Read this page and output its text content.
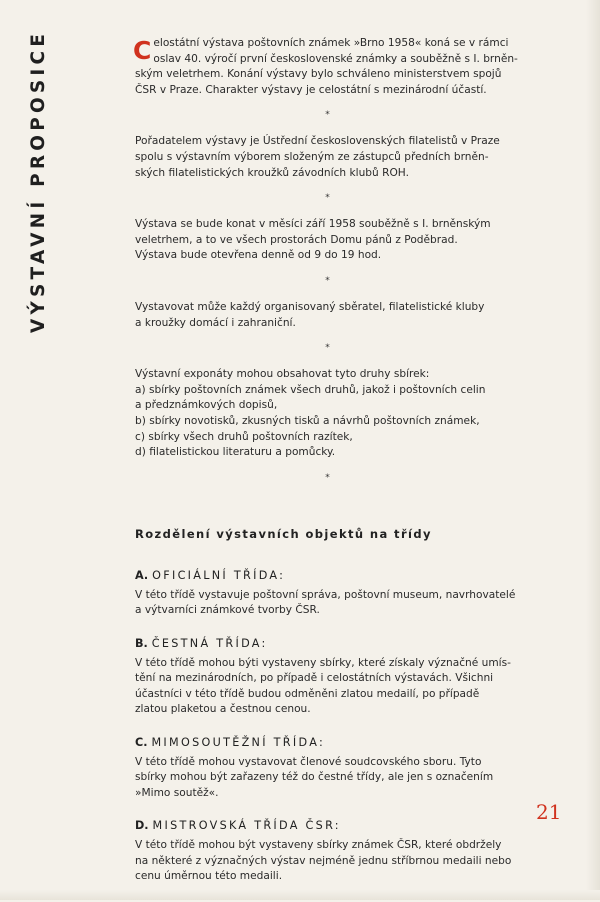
VÝSTAVNÍ PROPOSICE	C elostátní výstava poštovních známek »Brno 1958« koná se v rámci
oslav 40. výročí první československé známky a souběžně s I. brněn-
ským veletrhem. Konání výstavy bylo schváleno ministerstvem spojů
ČSR v Praze. Charakter výstavy je celostátní s mezinárodní účastí.

*

Pořadatelem výstavy je Ústřední československých filatelistů v Praze
spolu s výstavním výborem složeným ze zástupců předních brněn-
ských filatelistických kroužků závodních klubů ROH.

*

Výstava se bude konat v měsíci září 1958 souběžně s I. brněnským
veletrhem, a to ve všech prostorách Domu pánů z Poděbrad.
Výstava bude otevřena denně od 9 do 19 hod.

*

Vystavovat může každý organisovaný sběratel, filatelistické kluby
a kroužky domácí i zahraniční.

*

Výstavní exponáty mohou obsahovat tyto druhy sbírek:
a) sbírky poštovních známek všech druhů, jakož i poštovních celin
a předznámkových dopisů,
b) sbírky novotisků, zkusných tisků a návrhů poštovních známek,
c) sbírky všech druhů poštovních razítek,
d) filatelistickou literaturu a pomůcky.

*
Rozdělení výstavních objektů na třídy
A. OFICIÁLNÍ TŘÍDA:

V této třídě vystavuje poštovní správa, poštovní museum, navrhovatelé
a výtvarníci známkové tvorby ČSR.

B. ČESTNÁ TŘÍDA:

V této třídě mohou býti vystaveny sbírky, které získaly význačné umís-
tění na mezinárodních, po případě i celostátních výstavách. Všichni
účastníci v této třídě budou odměněni zlatou medailí, po případě
zlatou plaketou a čestnou cenou.

C. MIMOSOUTĚŽNÍ TŘÍDA:

V této třídě mohou vystavovat členové soudcovského sboru. Tyto
sbírky mohou být zařazeny též do čestné třídy, ale jen s označením
»Mimo soutěž«.

D. MISTROVSKÁ TŘÍDA ČSR:

V této třídě mohou být vystaveny sbírky známek ČSR, které obdržely
na některé z význačných výstav nejméně jednu stříbrnou medaili nebo
cenu úměrnou této medaili.

21
